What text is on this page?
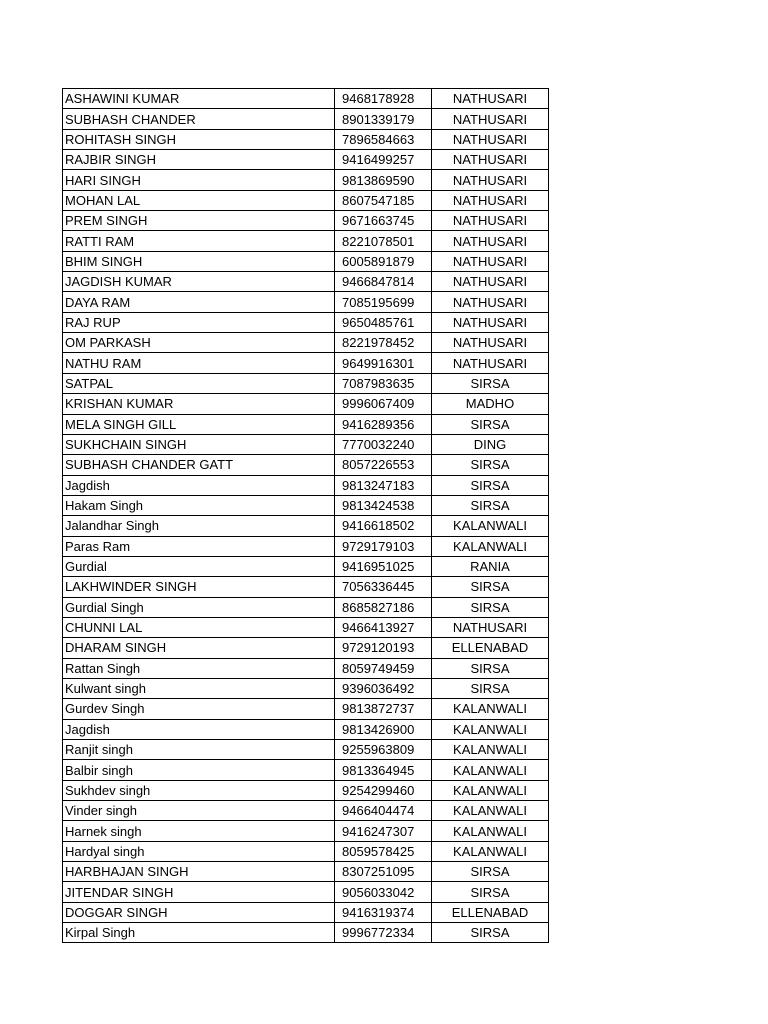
ASHAWINI KUMAR	9468178928	NATHUSARI
SUBHASH CHANDER	8901339179	NATHUSARI
ROHITASH SINGH	7896584663	NATHUSARI
RAJBIR SINGH	9416499257	NATHUSARI
HARI SINGH	9813869590	NATHUSARI
MOHAN LAL	8607547185	NATHUSARI
PREM SINGH	9671663745	NATHUSARI
RATTI RAM	8221078501	NATHUSARI
BHIM SINGH	6005891879	NATHUSARI
JAGDISH KUMAR	9466847814	NATHUSARI
DAYA RAM	7085195699	NATHUSARI
RAJ RUP	9650485761	NATHUSARI
OM PARKASH	8221978452	NATHUSARI
NATHU RAM	9649916301	NATHUSARI
SATPAL	7087983635	SIRSA
KRISHAN KUMAR	9996067409	MADHO
MELA SINGH GILL	9416289356	SIRSA
SUKHCHAIN SINGH	7770032240	DING
SUBHASH CHANDER GATT	8057226553	SIRSA
Jagdish	9813247183	SIRSA
Hakam Singh	9813424538	SIRSA
Jalandhar Singh	9416618502	KALANWALI
Paras Ram	9729179103	KALANWALI
Gurdial	9416951025	RANIA
LAKHWINDER SINGH	7056336445	SIRSA
Gurdial Singh	8685827186	SIRSA
CHUNNI LAL	9466413927	NATHUSARI
DHARAM SINGH	9729120193	ELLENABAD
Rattan Singh	8059749459	SIRSA
Kulwant singh	9396036492	SIRSA
Gurdev Singh	9813872737	KALANWALI
Jagdish	9813426900	KALANWALI
Ranjit singh	9255963809	KALANWALI
Balbir singh	9813364945	KALANWALI
Sukhdev singh	9254299460	KALANWALI
Vinder singh	9466404474	KALANWALI
Harnek singh	9416247307	KALANWALI
Hardyal singh	8059578425	KALANWALI
HARBHAJAN SINGH	8307251095	SIRSA
JITENDAR SINGH	9056033042	SIRSA
DOGGAR SINGH	9416319374	ELLENABAD
Kirpal Singh	9996772334	SIRSA
